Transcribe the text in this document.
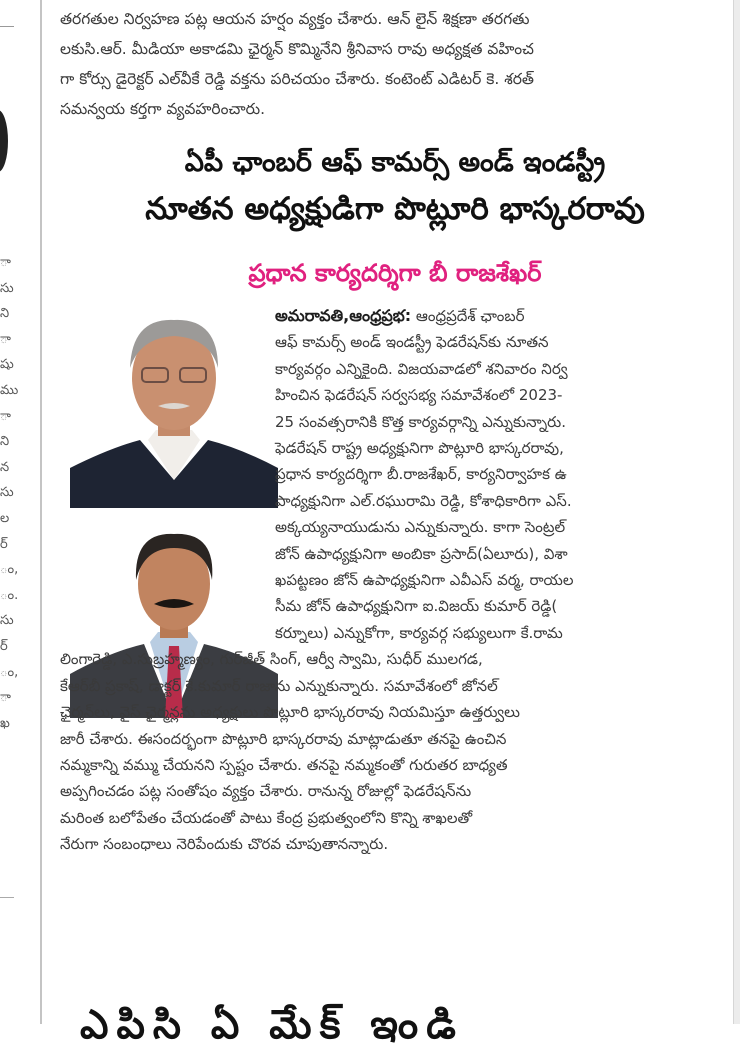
ా
సు
ని
ా
షు
ము
ా
ని
న
సు
ల
ర్
ం,
ం.
సు
ర్
ం,
ా
ఖ

తరగతుల నిర్వహణ పట్ల ఆయన హర్షం వ్యక్తం చేశారు. ఆన్ లైన్ శిక్షణా తరగతు

లకుసి.ఆర్. మీడియా అకాడమి ఛైర్మన్ కొమ్మినేని శ్రీనివాస రావు అధ్యక్షత వహించ

గా కోర్సు డైరెక్టర్ ఎల్‌వీకే రెడ్డి వక్తను పరిచయం చేశారు. కంటెంట్ ఎడిటర్ కె. శరత్

సమన్వయ కర్తగా వ్యవహరించారు.

ఏపీ ఛాంబర్ ఆఫ్ కామర్స్ అండ్ ఇండస్ట్రీ
నూతన అధ్యక్షుడిగా పొట్లూరి భాస్కరరావు
ప్రధాన కార్యదర్శిగా బీ రాజశేఖర్

అమరావతి,ఆంధ్రప్రభ: ఆంధ్రప్రదేశ్ ఛాంబర్

ఆఫ్ కామర్స్ అండ్ ఇండస్ట్రీ ఫెడరేషన్‌కు నూతన

కార్యవర్గం ఎన్నికైంది. విజయవాడలో శనివారం నిర్వ

హించిన ఫెడరేషన్ సర్వసభ్య సమావేశంలో 2023-

25 సంవత్సరానికి కొత్త కార్యవర్గాన్ని ఎన్నుకున్నారు.

ఫెడరేషన్ రాష్ట్ర అధ్యక్షునిగా పొట్లూరి భాస్కరరావు,

ప్రధాన కార్యదర్శిగా బీ.రాజశేఖర్, కార్యనిర్వాహక ఉ

పాధ్యక్షునిగా ఎల్.రఘురామి రెడ్డి, కోశాధికారిగా ఎస్.

అక్కయ్యనాయుడును ఎన్నుకున్నారు. కాగా సెంట్రల్

జోన్ ఉపాధ్యక్షునిగా అంబికా ప్రసాద్(ఏలూరు), విశా

ఖపట్టణం జోన్ ఉపాధ్యక్షునిగా ఎవీఎస్ వర్మ, రాయల

సీమ జోన్ ఉపాధ్యక్షునిగా ఐ.విజయ్ కుమార్ రెడ్డి(

కర్నూలు) ఎన్నుకోగా, కార్యవర్గ సభ్యులుగా కే.రామ

లింగారెడ్డి, ఎ.సుబ్రహ్మణ్యం, గుర్‌జీత్ సింగ్, ఆర్వీ స్వామి, సుధీర్ ములగడ,

కేఆర్‌బీ ప్రకాష్, డాక్టర్ కే.కుమార్ రాజాను ఎన్నుకున్నారు. సమావేశంలో జోనల్

ఛైర్మన్‌లు, వైస్ ఛైర్మన్లను అధ్యక్షులు పొట్లూరి భాస్కరరావు నియమిస్తూ ఉత్తర్వులు

జారీ చేశారు. ఈసందర్భంగా పొట్లూరి భాస్కరరావు మాట్లాడుతూ తనపై ఉంచిన

నమ్మకాన్ని వమ్ము చేయనని స్పష్టం చేశారు. తనపై నమ్మకంతో గురుతర బాధ్యత

అప్పగించడం పట్ల సంతోషం వ్యక్తం చేశారు. రానున్న రోజుల్లో ఫెడరేషన్‌ను

మరింత బలోపేతం చేయడంతో పాటు కేంద్ర ప్రభుత్వంలోని కొన్ని శాఖలతో

నేరుగా సంబంధాలు నెరిపేందుకు చొరవ చూపుతానన్నారు.

ఎపిసి ఏ మేక్ ఇండి
